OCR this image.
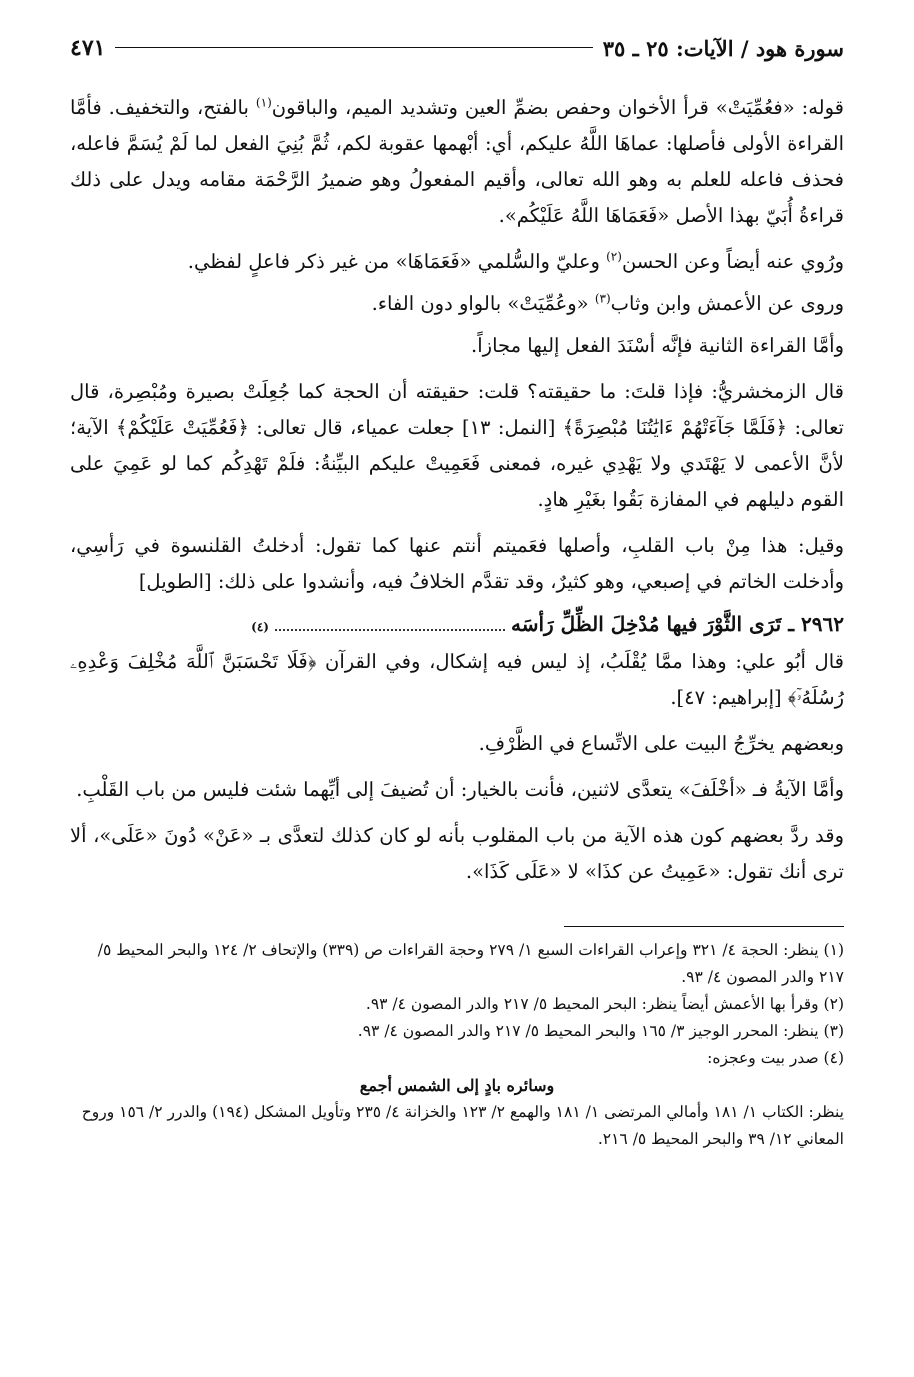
سورة هود / الآيات: ٢٥ ـ ٣٥
٤٧١

قوله: «فعُمِّيَتْ» قرأ الأخوان وحفص بضمِّ العين وتشديد الميم، والباقون$^{(١)}$ بالفتح، والتخفيف. فأمَّا القراءة الأولى فأصلها: عماهَا اللَّهُ عليكم، أي: أبْهمها عقوبة لكم، ثُمَّ بُنِيَ الفعل لما لَمْ يُسَمَّ فاعله، فحذف فاعله للعلم به وهو الله تعالى، وأقيم المفعولُ وهو ضميرُ الرَّحْمَة مقامه ويدل على ذلك قراءةُ أُبَيّ بهذا الأصل «فَعَمَاهَا اللَّهُ عَلَيْكُم».

ورُوي عنه أيضاً وعن الحسن$^{(٢)}$ وعليّ والسُّلمي «فَعَمَاهَا» من غير ذكر فاعلٍ لفظي.

وروى عن الأعمش وابن وثاب$^{(٣)}$ «وعُمِّيَتْ» بالواو دون الفاء.

وأمَّا القراءة الثانية فإنَّه أسْنَدَ الفعل إليها مجازاً.

قال الزمخشريُّ: فإذا قلتَ: ما حقيقته؟ قلت: حقيقته أن الحجة كما جُعِلَتْ بصيرة ومُبْصِرة، قال تعالى: ﴿فَلَمَّا جَآءَتْهُمْ ءَايَٰتُنَا مُبْصِرَةً﴾ [النمل: ١٣] جعلت عمياء، قال تعالى: ﴿فَعُمِّيَتْ عَلَيْكُمْ﴾ الآية؛ لأنَّ الأعمى لا يَهْتَدي ولا يَهْدِي غيره، فمعنى فَعَمِيتْ عليكم البيِّنةُ: فلَمْ تَهْدِكُم كما لو عَمِيَ على القوم دليلهم في المفازة بَقُوا بغَيْرِ هادٍ.

وقيل: هذا مِنْ باب القلبِ، وأصلها فعَميتم أنتم عنها كما تقول: أدخلتُ القلنسوة في رَأسِي، وأدخلت الخاتم في إصبعي، وهو كثيرٌ، وقد تقدَّم الخلافُ فيه، وأنشدوا على ذلك: [الطويل]

٢٩٦٢ ـ تَرَى الثَّوْرَ فيها مُدْخِلَ الظِّلِّ رَأسَه
(٤)

قال أبُو علي: وهذا ممَّا يُقْلَبُ، إذ ليس فيه إشكال، وفي القرآن ﴿فَلَا تَحْسَبَنَّ ٱللَّهَ مُخْلِفَ وَعْدِهِۦ رُسُلَهُۥٓ﴾ [إبراهيم: ٤٧].

وبعضهم يخرِّجُ البيت على الاتِّساع في الظَّرْفِ.

وأمَّا الآيةُ فـ «أخْلَفَ» يتعدَّى لاثنين، فأنت بالخيار: أن تُضيفَ إلى أيِّهما شئت فليس من باب القَلْبِ.

وقد ردَّ بعضهم كون هذه الآية من باب المقلوب بأنه لو كان كذلك لتعدَّى بـ «عَنْ» دُونَ «عَلَى»، ألا ترى أنك تقول: «عَمِيتُ عن كذَا» لا «عَلَى كَذَا».

(١) ينظر: الحجة ٤/ ٣٢١ وإعراب القراءات السبع ١/ ٢٧٩ وحجة القراءات ص (٣٣٩) والإتحاف ٢/ ١٢٤ والبحر المحيط ٥/ ٢١٧ والدر المصون ٤/ ٩٣.

(٢) وقرأ بها الأعمش أيضاً ينظر: البحر المحيط ٥/ ٢١٧ والدر المصون ٤/ ٩٣.

(٣) ينظر: المحرر الوجيز ٣/ ١٦٥ والبحر المحيط ٥/ ٢١٧ والدر المصون ٤/ ٩٣.

(٤) صدر بيت وعجزه:

وسائره بادٍ إلى الشمس أجمع

ينظر: الكتاب ١/ ١٨١ وأمالي المرتضى ١/ ١٨١ والهمع ٢/ ١٢٣ والخزانة ٤/ ٢٣٥ وتأويل المشكل (١٩٤) والدرر ٢/ ١٥٦ وروح المعاني ١٢/ ٣٩ والبحر المحيط ٥/ ٢١٦.
